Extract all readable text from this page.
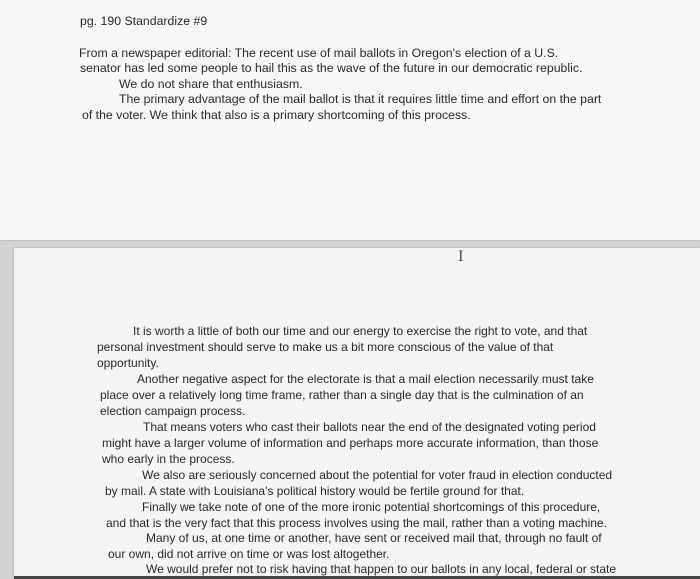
pg. 190 Standardize #9
From a newspaper editorial: The recent use of mail ballots in Oregon's election of a U.S.
senator has led some people to hail this as the wave of the future in our democratic republic.
We do not share that enthusiasm.
The primary advantage of the mail ballot is that it requires little time and effort on the part
of the voter. We think that also is a primary shortcoming of this process.
I
It is worth a little of both our time and our energy to exercise the right to vote, and that
personal investment should serve to make us a bit more conscious of the value of that
opportunity.
Another negative aspect for the electorate is that a mail election necessarily must take
place over a relatively long time frame, rather than a single day that is the culmination of an
election campaign process.
That means voters who cast their ballots near the end of the designated voting period
might have a larger volume of information and perhaps more accurate information, than those
who early in the process.
We also are seriously concerned about the potential for voter fraud in election conducted
by mail. A state with Louisiana's political history would be fertile ground for that.
Finally we take note of one of the more ironic potential shortcomings of this procedure,
and that is the very fact that this process involves using the mail, rather than a voting machine.
Many of us, at one time or another, have sent or received mail that, through no fault of
our own, did not arrive on time or was lost altogether.
We would prefer not to risk having that happen to our ballots in any local, federal or state
